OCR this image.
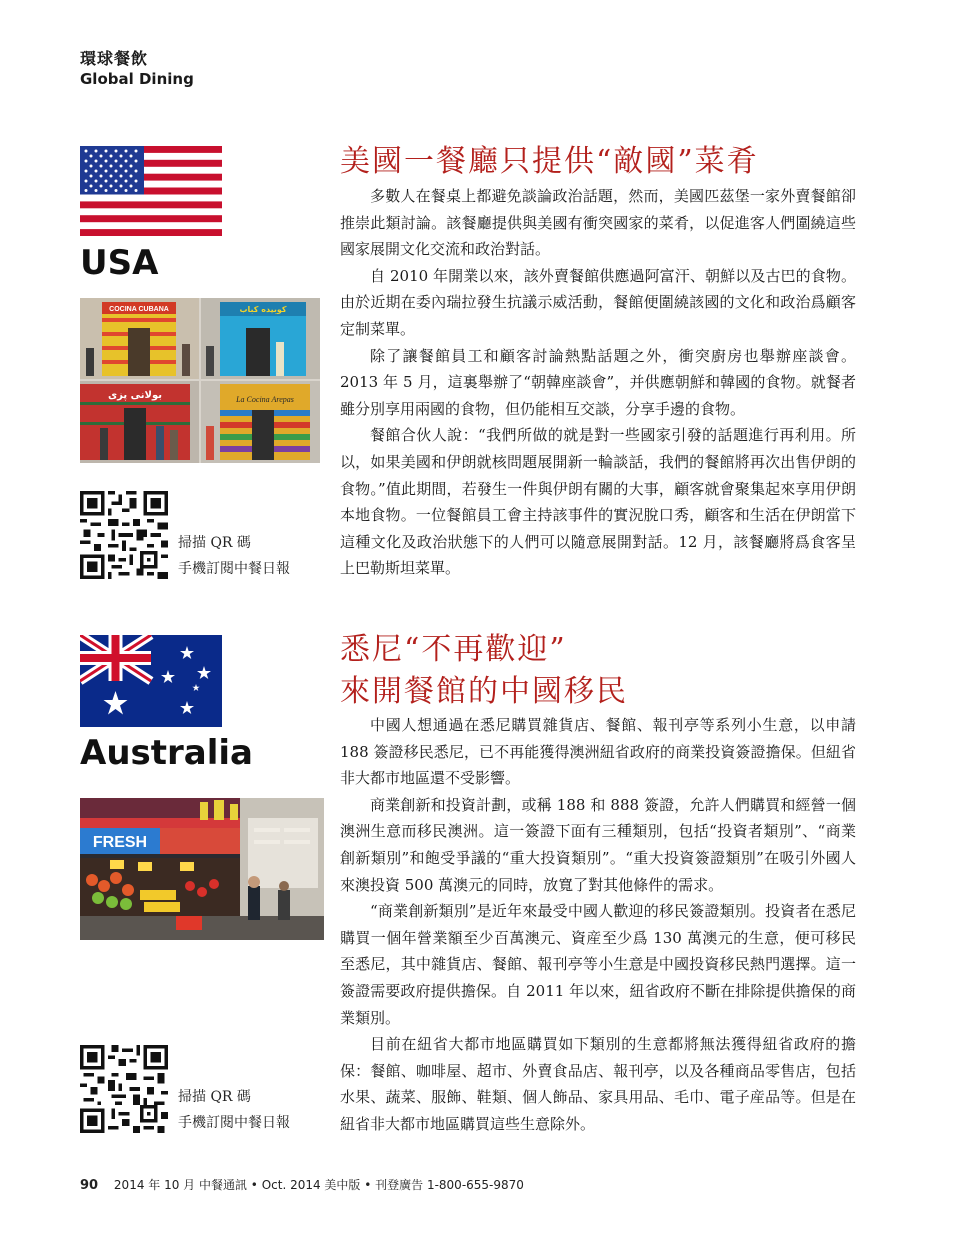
環球餐飲
Global Dining
USA
COCINA CUBANA	کوبیده کباب
بولانی پزی	La Cocina Arepas
掃描 QR 碼
手機訂閱中餐日報
美國一餐廳只提供“敵國”菜肴

多數人在餐桌上都避免談論政治話題，然而，美國匹茲堡一家外賣餐館卻推崇此類討論。該餐廳提供與美國有衝突國家的菜肴，以促進客人們圍繞這些國家展開文化交流和政治對話。

自 2010 年開業以來，該外賣餐館供應過阿富汗、朝鮮以及古巴的食物。由於近期在委內瑞拉發生抗議示威活動，餐館便圍繞該國的文化和政治爲顧客定制菜單。

除了讓餐館員工和顧客討論熱點話題之外，衝突廚房也舉辦座談會。2013 年 5 月，這裏舉辦了“朝韓座談會”，并供應朝鮮和韓國的食物。就餐者雖分別享用兩國的食物，但仍能相互交談，分享手邊的食物。

餐館合伙人說：“我們所做的就是對一些國家引發的話題進行再利用。所以，如果美國和伊朗就核問題展開新一輪談話，我們的餐館將再次出售伊朗的食物。”值此期間，若發生一件與伊朗有關的大事，顧客就會聚集起來享用伊朗本地食物。一位餐館員工會主持該事件的實況脫口秀，顧客和生活在伊朗當下這種文化及政治狀態下的人們可以隨意展開對話。12 月，該餐廳將爲食客呈上巴勒斯坦菜單。

Australia
FRESH
掃描 QR 碼
手機訂閱中餐日報
悉尼“不再歡迎”
來開餐館的中國移民

中國人想通過在悉尼購買雜貨店、餐館、報刊亭等系列小生意，以申請 188 簽證移民悉尼，已不再能獲得澳洲紐省政府的商業投資簽證擔保。但紐省非大都市地區還不受影響。

商業創新和投資計劃，或稱 188 和 888 簽證，允許人們購買和經營一個澳洲生意而移民澳洲。這一簽證下面有三種類別，包括“投資者類別”、“商業創新類別”和飽受爭議的“重大投資類別”。“重大投資簽證類別”在吸引外國人來澳投資 500 萬澳元的同時，放寬了對其他條件的需求。

“商業創新類別”是近年來最受中國人歡迎的移民簽證類別。投資者在悉尼購買一個年營業額至少百萬澳元、資産至少爲 130 萬澳元的生意，便可移民至悉尼，其中雜貨店、餐館、報刊亭等小生意是中國投資移民熱門選擇。這一簽證需要政府提供擔保。自 2011 年以來，紐省政府不斷在排除提供擔保的商業類別。

目前在紐省大都市地區購買如下類別的生意都將無法獲得紐省政府的擔保：餐館、咖啡屋、超市、外賣食品店、報刊亭，以及各種商品零售店，包括水果、蔬菜、服飾、鞋類、個人飾品、家具用品、毛巾、電子産品等。但是在紐省非大都市地區購買這些生意除外。

90 2014 年 10 月 中餐通訊 • Oct. 2014 美中版 • 刊登廣告 1-800-655-9870
